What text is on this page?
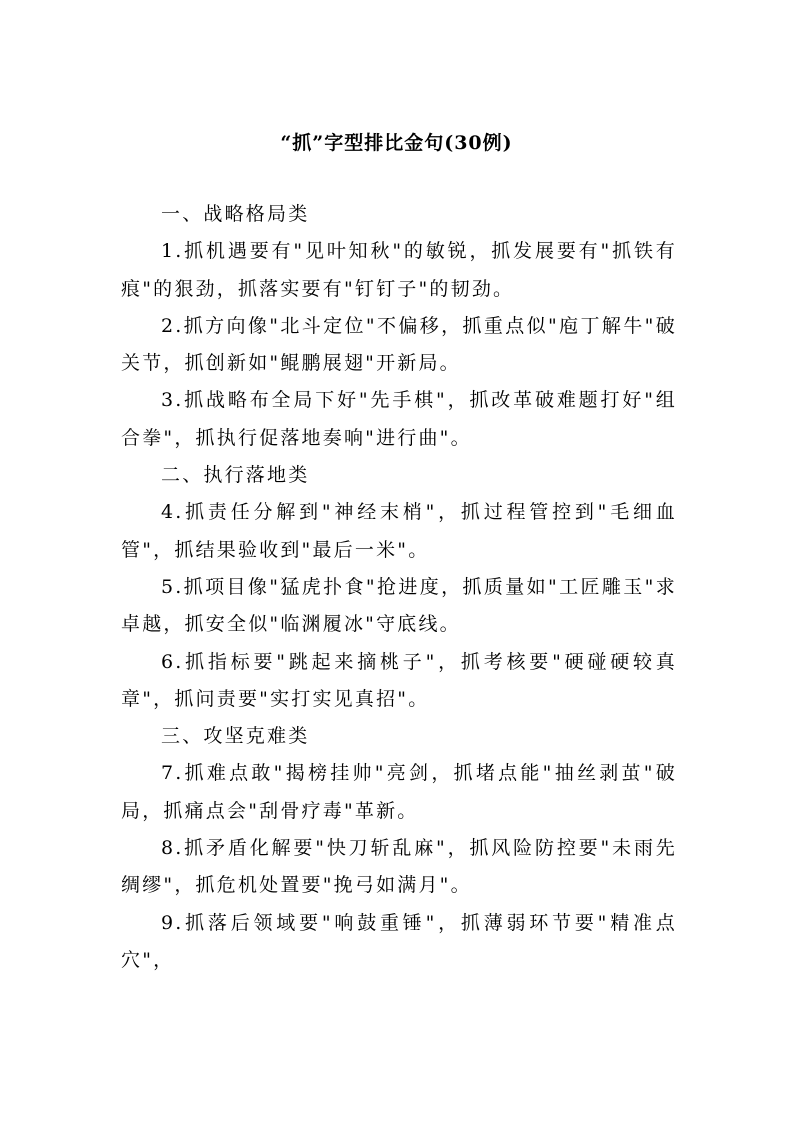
“抓”字型排比金句(30例)

一、战略格局类

1.抓机遇要有"见叶知秋"的敏锐，抓发展要有"抓铁有痕"的狠劲，抓落实要有"钉钉子"的韧劲。

2.抓方向像"北斗定位"不偏移，抓重点似"庖丁解牛"破关节，抓创新如"鲲鹏展翅"开新局。

3.抓战略布全局下好"先手棋"，抓改革破难题打好"组合拳"，抓执行促落地奏响"进行曲"。

二、执行落地类

4.抓责任分解到"神经末梢"，抓过程管控到"毛细血管"，抓结果验收到"最后一米"。

5.抓项目像"猛虎扑食"抢进度，抓质量如"工匠雕玉"求卓越，抓安全似"临渊履冰"守底线。

6.抓指标要"跳起来摘桃子"，抓考核要"硬碰硬较真章"，抓问责要"实打实见真招"。

三、攻坚克难类

7.抓难点敢"揭榜挂帅"亮剑，抓堵点能"抽丝剥茧"破局，抓痛点会"刮骨疗毒"革新。

8.抓矛盾化解要"快刀斩乱麻"，抓风险防控要"未雨先绸缪"，抓危机处置要"挽弓如满月"。

9.抓落后领域要"响鼓重锤"，抓薄弱环节要"精准点穴"，
